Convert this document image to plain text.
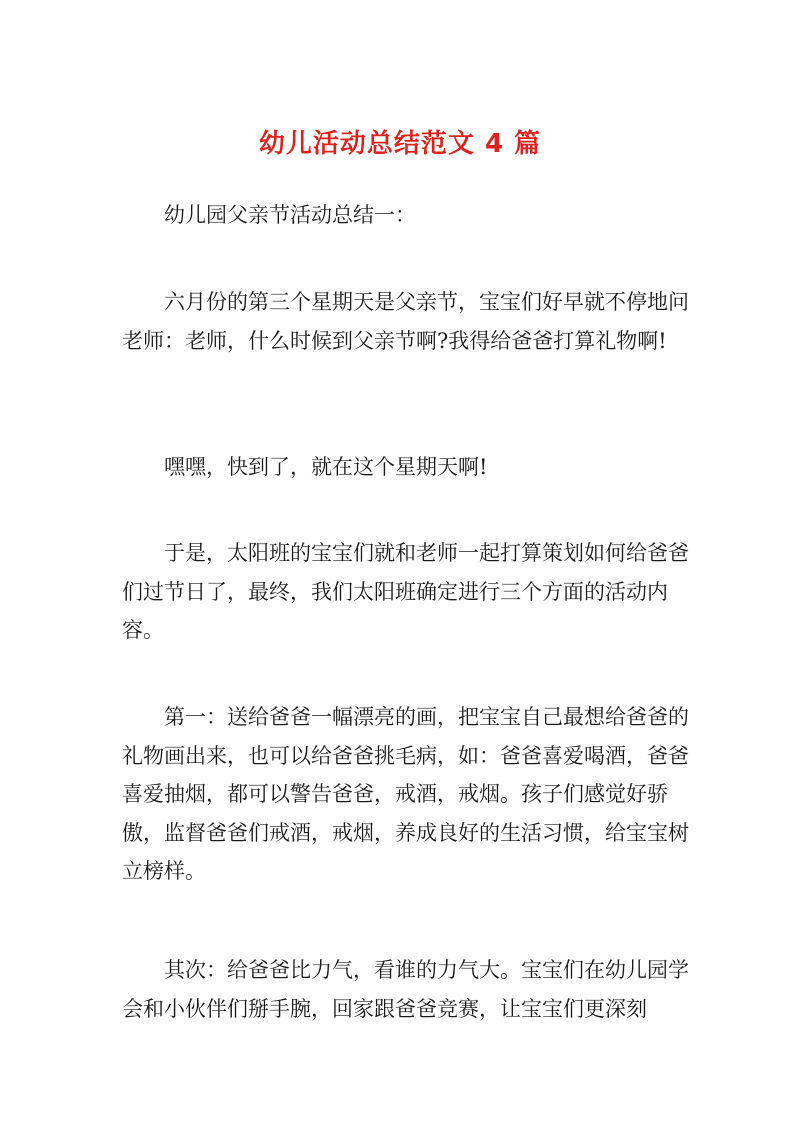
幼儿活动总结范文 4 篇

幼儿园父亲节活动总结一：

六月份的第三个星期天是父亲节，宝宝们好早就不停地问老师：老师，什么时候到父亲节啊?我得给爸爸打算礼物啊!

嘿嘿，快到了，就在这个星期天啊!

于是，太阳班的宝宝们就和老师一起打算策划如何给爸爸们过节日了，最终，我们太阳班确定进行三个方面的活动内容。

第一：送给爸爸一幅漂亮的画，把宝宝自己最想给爸爸的礼物画出来，也可以给爸爸挑毛病，如：爸爸喜爱喝酒，爸爸喜爱抽烟，都可以警告爸爸，戒酒，戒烟。孩子们感觉好骄傲，监督爸爸们戒酒，戒烟，养成良好的生活习惯，给宝宝树立榜样。

其次：给爸爸比力气，看谁的力气大。宝宝们在幼儿园学会和小伙伴们掰手腕，回家跟爸爸竞赛，让宝宝们更深刻
